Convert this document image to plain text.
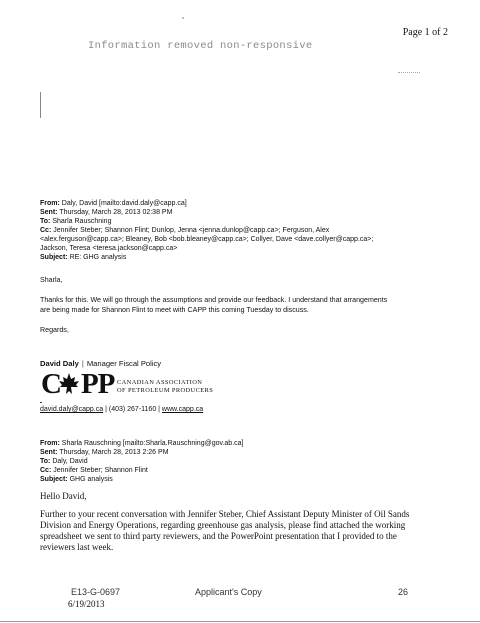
Page 1 of 2
Information removed non-responsive
From: Daly, David [mailto:david.daly@capp.ca]
Sent: Thursday, March 28, 2013 02:38 PM
To: Sharla Rauschning
Cc: Jennifer Steber; Shannon Flint; Dunlop, Jenna <jenna.dunlop@capp.ca>; Ferguson, Alex
<alex.ferguson@capp.ca>; Bleaney, Bob <bob.bleaney@capp.ca>; Collyer, Dave <dave.collyer@capp.ca>;
Jackson, Teresa <teresa.jackson@capp.ca>
Subject: RE: GHG analysis
Sharla,
Thanks for this. We will go through the assumptions and provide our feedback. I understand that arrangements
are being made for Shannon Flint to meet with CAPP this coming Tuesday to discuss.
Regards,
David Daly | Manager Fiscal Policy
C PP CANADIAN ASSOCIATION
OF PETROLEUM PRODUCERS
david.daly@capp.ca | (403) 267-1160 | www.capp.ca
From: Sharla Rauschning [mailto:Sharla.Rauschning@gov.ab.ca]
Sent: Thursday, March 28, 2013 2:26 PM
To: Daly, David
Cc: Jennifer Steber; Shannon Flint
Subject: GHG analysis
Hello David,
Further to your recent conversation with Jennifer Steber, Chief Assistant Deputy Minister of Oil Sands
Division and Energy Operations, regarding greenhouse gas analysis, please find attached the working
spreadsheet we sent to third party reviewers, and the PowerPoint presentation that I provided to the
reviewers last week.
E13-G-0697
6/19/2013
Applicant's Copy	26
